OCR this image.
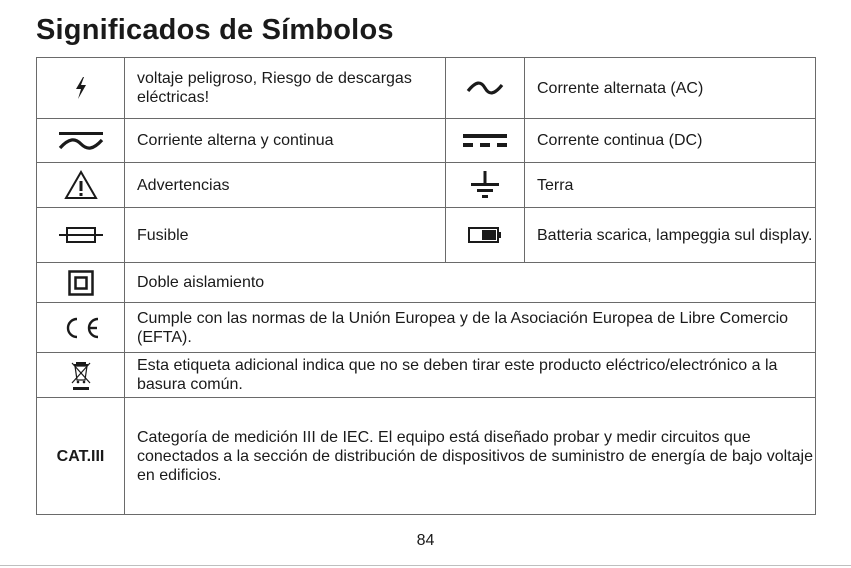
Significados de Símbolos
	voltaje peligroso, Riesgo de descargas eléctricas!		Corrente alternata (AC)

	Corriente alterna y continua		Corrente continua (DC)

	Advertencias		Terra

	Fusible		Batteria scarica, lampeggia sul display.

	Doble aislamiento		

	Cumple con las normas de la Unión Europea y de la Asociación Europea de Libre Comercio (EFTA).		

	Esta etiqueta adicional indica que no se deben tirar este producto eléctrico/electrónico a la basura común.		
CAT.III	Categoría de medición III de IEC. El equipo está diseñado probar y medir circuitos que conectados a la sección de distribución de dispositivos de suministro de energía de bajo voltaje en edificios.		
84
